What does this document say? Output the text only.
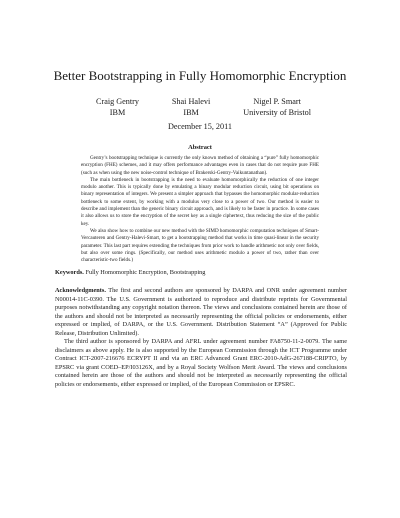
Better Bootstrapping in Fully Homomorphic Encryption
Craig Gentry
IBM
Shai Halevi
IBM
Nigel P. Smart
University of Bristol
December 15, 2011
Abstract

Gentry’s bootstrapping technique is currently the only known method of obtaining a “pure” fully homomorphic encryption (FHE) schemes, and it may offers performance advantages even in cases that do not require pure FHE (such as when using the new noise-control technique of Brakerski-Gentry-Vaikuntanathan).

The main bottleneck in bootstrapping is the need to evaluate homomorphically the reduction of one integer modulo another. This is typically done by emulating a binary modular reduction circuit, using bit operations on binary representation of integers. We present a simpler approach that bypasses the homomorphic modular-reduction bottleneck to some extent, by working with a modulus very close to a power of two. Our method is easier to describe and implement than the generic binary circuit approach, and is likely to be faster in practice. In some cases it also allows us to store the encryption of the secret key as a single ciphertext, thus reducing the size of the public key.

We also show how to combine our new method with the SIMD homomorphic computation techniques of Smart-Vercauteren and Gentry-Halevi-Smart, to get a bootstrapping method that works in time quasi-linear in the security parameter. This last part requires extending the techniques from prior work to handle arithmetic not only over fields, but also over some rings. (Specifically, our method uses arithmetic modulo a power of two, rather than over characteristic-two fields.)

Keywords. Fully Homomorphic Encryption, Bootstrapping

Acknowledgments. The first and second authors are sponsored by DARPA and ONR under agreement number N00014-11C-0390. The U.S. Government is authorized to reproduce and distribute reprints for Governmental purposes notwithstanding any copyright notation thereon. The views and conclusions contained herein are those of the authors and should not be interpreted as necessarily representing the official policies or endorsements, either expressed or implied, of DARPA, or the U.S. Government. Distribution Statement “A” (Approved for Public Release, Distribution Unlimited).

The third author is sponsored by DARPA and AFRL under agreement number FA8750-11-2-0079. The same disclaimers as above apply. He is also supported by the European Commission through the ICT Programme under Contract ICT-2007-216676 ECRYPT II and via an ERC Advanced Grant ERC-2010-AdG-267188-CRIPTO, by EPSRC via grant COED–EP/I03126X, and by a Royal Society Wolfson Merit Award. The views and conclusions contained herein are those of the authors and should not be interpreted as necessarily representing the official policies or endorsements, either expressed or implied, of the European Commission or EPSRC.
